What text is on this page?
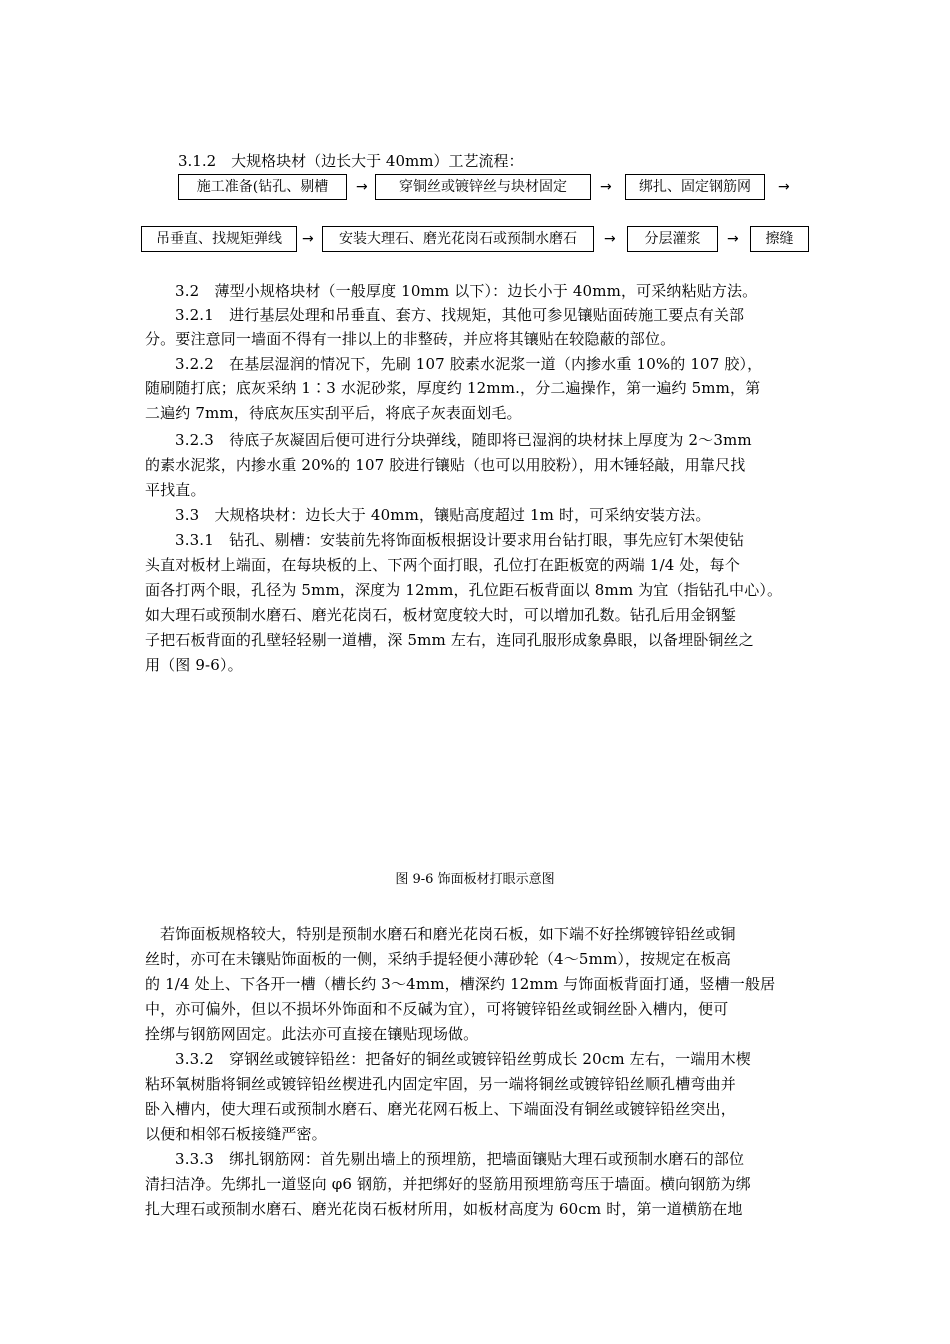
3.1.2　大规格块材（边长大于 40mm）工艺流程：
施工准备(钻孔、剔槽	→	穿铜丝或镀锌丝与块材固定	→	绑扎、固定钢筋网	→
吊垂直、找规矩弹线	→	安装大理石、磨光花岗石或预制水磨石	→	分层灌浆	→	擦缝
3.2　薄型小规格块材（一般厚度 10mm 以下）：边长小于 40mm，可采纳粘贴方法。
3.2.1　进行基层处理和吊垂直、套方、找规矩，其他可参见镶贴面砖施工要点有关部
分。要注意同一墙面不得有一排以上的非整砖，并应将其镶贴在较隐蔽的部位。
3.2.2　在基层湿润的情况下，先刷 107 胶素水泥浆一道（内掺水重 10%的 107 胶），
随刷随打底；底灰采纳 1∶3 水泥砂浆，厚度约 12mm.，分二遍操作，第一遍约 5mm，第
二遍约 7mm，待底灰压实刮平后，将底子灰表面划毛。
3.2.3　待底子灰凝固后便可进行分块弹线，随即将已湿润的块材抹上厚度为 2～3mm
的素水泥浆，内掺水重 20%的 107 胶进行镶贴（也可以用胶粉），用木锤轻敲，用靠尺找
平找直。
3.3　大规格块材：边长大于 40mm，镶贴高度超过 1m 时，可采纳安装方法。
3.3.1　钻孔、剔槽：安装前先将饰面板根据设计要求用台钻打眼，事先应钉木架使钻
头直对板材上端面，在每块板的上、下两个面打眼，孔位打在距板宽的两端 1/4 处，每个
面各打两个眼，孔径为 5mm，深度为 12mm，孔位距石板背面以 8mm 为宜（指钻孔中心）。
如大理石或预制水磨石、磨光花岗石，板材宽度较大时，可以增加孔数。钻孔后用金钢錾
子把石板背面的孔壁轻轻剔一道槽，深 5mm 左右，连同孔服形成象鼻眼，以备埋卧铜丝之
用（图 9-6）。
图 9-6 饰面板材打眼示意图
若饰面板规格较大，特别是预制水磨石和磨光花岗石板，如下端不好拴绑镀锌铅丝或铜
丝时，亦可在未镶贴饰面板的一侧，采纳手提轻便小薄砂轮（4～5mm），按规定在板高
的 1/4 处上、下各开一槽（槽长约 3～4mm，槽深约 12mm 与饰面板背面打通，竖槽一般居
中，亦可偏外，但以不损坏外饰面和不反碱为宜），可将镀锌铅丝或铜丝卧入槽内，便可
拴绑与钢筋网固定。此法亦可直接在镶贴现场做。
3.3.2　穿钢丝或镀锌铅丝：把备好的铜丝或镀锌铅丝剪成长 20cm 左右，一端用木楔
粘环氧树脂将铜丝或镀锌铅丝楔进孔内固定牢固，另一端将铜丝或镀锌铅丝顺孔槽弯曲并
卧入槽内，使大理石或预制水磨石、磨光花网石板上、下端面没有铜丝或镀锌铅丝突出，
以便和相邻石板接缝严密。
3.3.3　绑扎钢筋网：首先剔出墙上的预埋筋，把墙面镶贴大理石或预制水磨石的部位
清扫洁净。先绑扎一道竖向 φ6 钢筋，并把绑好的竖筋用预埋筋弯压于墙面。横向钢筋为绑
扎大理石或预制水磨石、磨光花岗石板材所用，如板材高度为 60cm 时，第一道横筋在地
